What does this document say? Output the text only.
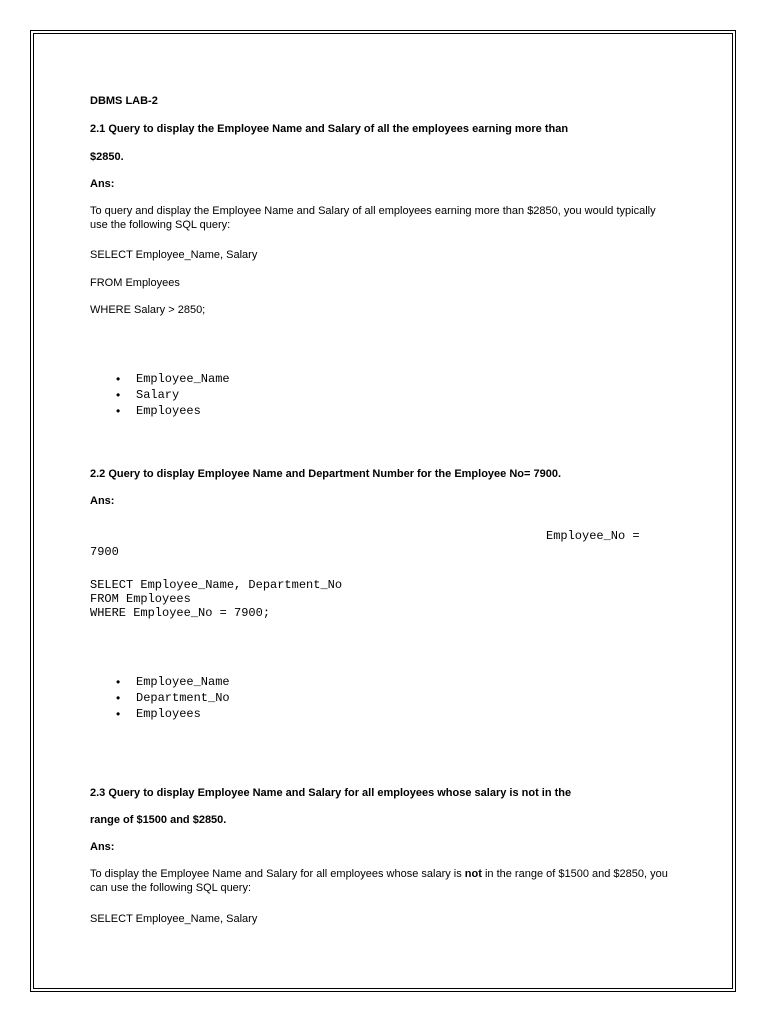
DBMS LAB-2
2.1 Query to display the Employee Name and Salary of all the employees earning more than
$2850.
Ans:
To query and display the Employee Name and Salary of all employees earning more than $2850, you would typically use the following SQL query:
SELECT Employee_Name, Salary
FROM Employees
WHERE Salary > 2850;
• Employee_Name
• Salary
• Employees
2.2 Query to display Employee Name and Department Number for the Employee No= 7900.
Ans:
Employee_No =
7900
SELECT Employee_Name, Department_No
FROM Employees
WHERE Employee_No = 7900;
• Employee_Name
• Department_No
• Employees
2.3 Query to display Employee Name and Salary for all employees whose salary is not in the
range of $1500 and $2850.
Ans:
To display the Employee Name and Salary for all employees whose salary is not in the range of $1500 and $2850, you can use the following SQL query:
SELECT Employee_Name, Salary
